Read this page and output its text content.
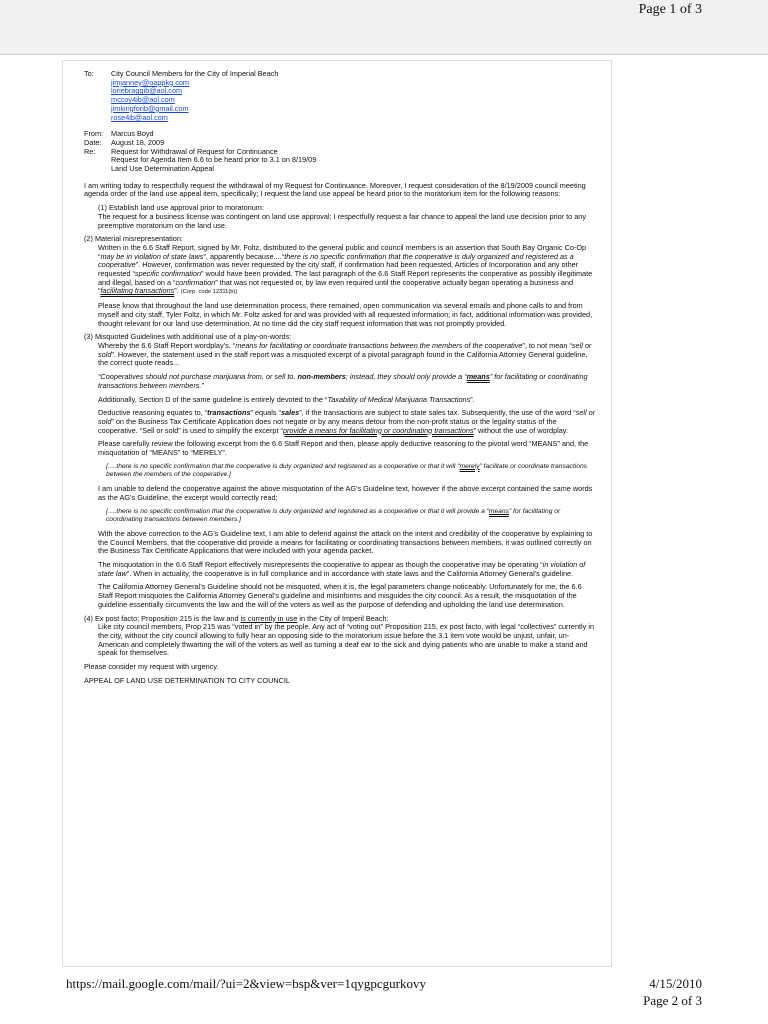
Page 1 of 3
To:	City Council Members for the City of Imperial Beach
jimjanney@oappkg.com
loriebraggib@aol.com
mccoy4ib@aol.com
jimkingforib@gmail.com
rose4ib@aol.com
From:	Marcus Boyd
Date:	August 18, 2009
Re:	Request for Withdrawal of Request for Continuance
Request for Agenda Item 6.6 to be heard prior to 3.1 on 8/19/09
Land Use Determination Appeal

I am writing today to respectfully request the withdrawal of my Request for Continuance. Moreover, I request consideration of the 8/19/2009 council meeting agenda order of the land use appeal item, specifically; I request the land use appeal be heard prior to the moratorium item for the following reasons:

(1) Establish land use approval prior to moratorium:
The request for a business license was contingent on land use approval; I respectfully request a fair chance to appeal the land use decision prior to any preemptive moratorium on the land use.

(2) Material misrepresentation:

Written in the 6.6 Staff Report, signed by Mr. Foltz, distributed to the general public and council members is an assertion that South Bay Organic Co-Op “may be in violation of state laws”, apparently because....“there is no specific confirmation that the cooperative is duly organized and registered as a cooperative”. However, confirmation was never requested by the city staff, if confirmation had been requested, Articles of Incorporation and any other requested “specific confirmation” would have been provided. The last paragraph of the 6.6 Staff Report represents the cooperative as possibly illegitimate and illegal, based on a “confirmation” that was not requested or, by law even required until the cooperative actually began operating a business and “facilitating transactions”. (Corp. code 12311(b))

Please know that throughout the land use determination process, there remained, open communication via several emails and phone calls to and from myself and city staff, Tyler Foltz, in which Mr. Foltz asked for and was provided with all requested information; in fact, additional information was provided, thought relevant for our land use determination. At no time did the city staff request information that was not promptly provided.

(3) Misquoted Guidelines with additional use of a play-on-words:

Whereby the 6.6 Staff Report wordplay’s, “means for facilitating or coordinate transactions between the members of the cooperative”, to not mean “sell or sold”. However, the statement used in the staff report was a misquoted excerpt of a pivotal paragraph found in the California Attorney General guideline, the correct quote reads...

“Cooperatives should not purchase marijuana from, or sell to, non-members; instead, they should only provide a “means” for facilitating or coordinating transactions between members.”

Additionally, Section D of the same guideline is entirely devoted to the “Taxability of Medical Marijuana Transactions”.

Deductive reasoning equates to, “transactions” equals “sales”, if the transactions are subject to state sales tax. Subsequently, the use of the word “sell or sold” on the Business Tax Certificate Application does not negate or by any means detour from the non-profit status or the legality status of the cooperative. “Sell or sold” is used to simplify the excerpt “provide a means for facilitating or coordinating transactions” without the use of wordplay.

Please carefully review the following excerpt from the 6.6 Staff Report and then, please apply deductive reasoning to the pivotal word “MEANS” and, the misquotation of “MEANS” to “MERELY”.

[….there is no specific confirmation that the cooperative is duly organized and registered as a cooperative or that it will “merely” facilitate or coordinate transactions between the members of the cooperative.]

I am unable to defend the cooperative against the above misquotation of the AG’s Guideline text, however if the above excerpt contained the same words as the AG’s Guideline, the excerpt would correctly read;

[….there is no specific confirmation that the cooperative is duly organized and registered as a cooperative or that it will provide a “means” for facilitating or coordinating transactions between members.]

With the above correction to the AG’s Guideline text, I am able to defend against the attack on the intent and credibility of the cooperative by explaining to the Council Members, that the cooperative did provide a means for facilitating or coordinating transactions between members, it was outlined correctly on the Business Tax Certificate Applications that were included with your agenda packet.

The misquotation in the 6.6 Staff Report effectively misrepresents the cooperative to appear as though the cooperative may be operating “in violation of state law”. When in actuality, the cooperative is in full compliance and in accordance with state laws and the California Attorney General’s guideline.

The California Attorney General’s Guideline should not be misquoted, when it is, the legal parameters change noticeably. Unfortunately for me, the 6.6 Staff Report misquotes the California Attorney General’s guideline and misinforms and misguides the city council. As a result, the misquotation of the guideline essentially circumvents the law and the will of the voters as well as the purpose of defending and upholding the land use determination.

(4) Ex post facto; Proposition 215 is the law and is currently in use in the City of Imperil Beach:

Like city council members, Prop 215 was “voted in” by the people. Any act of “voting out” Proposition 215, ex post facto, with legal “collectives” currently in the city, without the city council allowing to fully hear an opposing side to the moratorium issue before the 3.1 item vote would be unjust, unfair, un-American and completely thwarting the will of the voters as well as turning a deaf ear to the sick and dying patients who are unable to make a stand and speak for themselves.

Please consider my request with urgency.

APPEAL OF LAND USE DETERMINATION TO CITY COUNCIL

https://mail.google.com/mail/?ui=2&view=bsp&ver=1qygpcgurkovy	4/15/2010
Page 2 of 3
